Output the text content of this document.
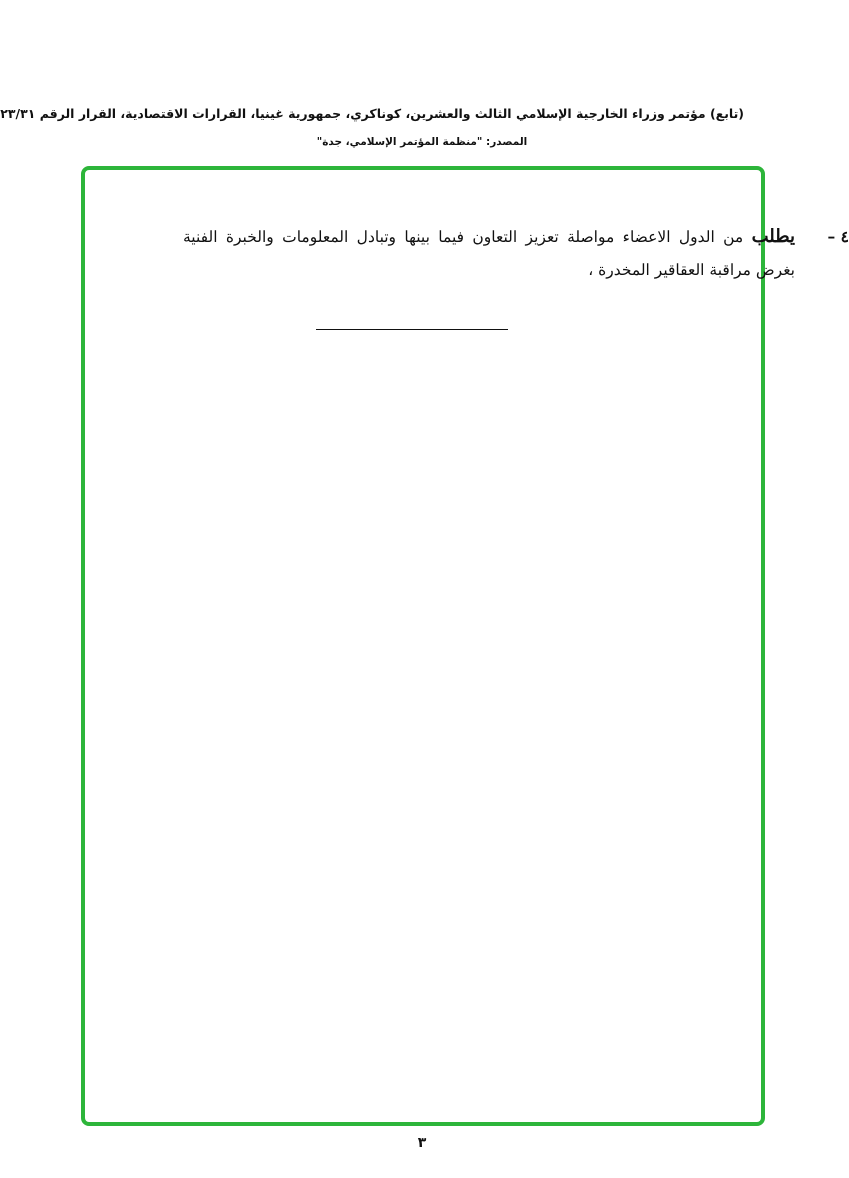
(تابع) مؤتمر وزراء الخارجية الإسلامي الثالث والعشرين، كوناكري، جمهورية غينيا، القرارات الاقتصادية، القرار الرقم ٢٣/٣١
المصدر: "منظمة المؤتمر الإسلامي، جدة"
٤ –
يطلب من الدول الاعضاء مواصلة تعزيز التعاون فيما بينها وتبادل المعلومات والخبرة الفنية بغرض مراقبة العقاقير المخدرة ،
٣
